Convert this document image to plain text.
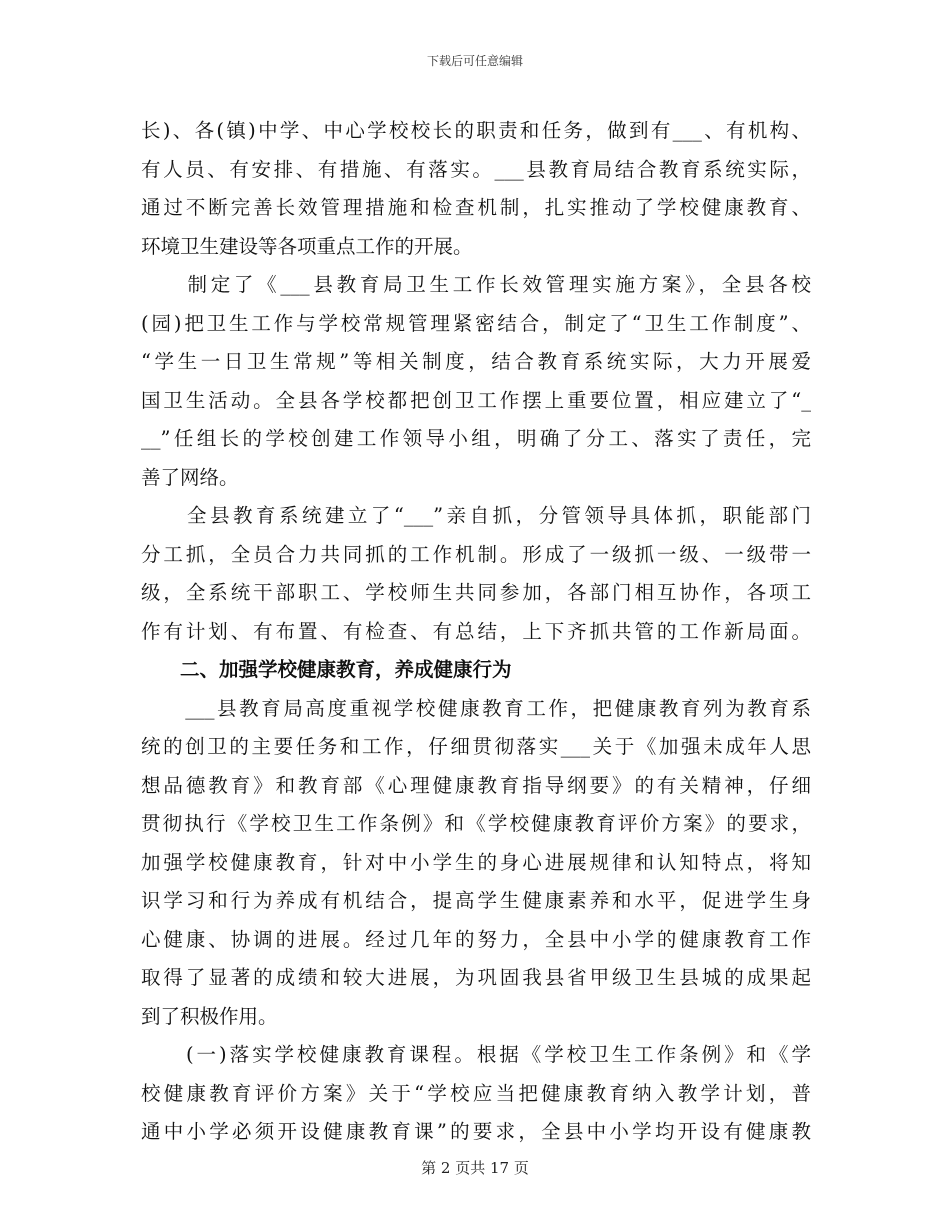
下载后可任意编辑
长)、各(镇)中学、中心学校校长的职责和任务，做到有___、有机构、
有人员、有安排、有措施、有落实。___县教育局结合教育系统实际，
通过不断完善长效管理措施和检查机制，扎实推动了学校健康教育、
环境卫生建设等各项重点工作的开展。
　　制定了《___县教育局卫生工作长效管理实施方案》，全县各校
(园)把卫生工作与学校常规管理紧密结合，制定了“卫生工作制度”、
“学生一日卫生常规”等相关制度，结合教育系统实际，大力开展爱
国卫生活动。全县各学校都把创卫工作摆上重要位置，相应建立了“_
__”任组长的学校创建工作领导小组，明确了分工、落实了责任，完
善了网络。
　　全县教育系统建立了“___”亲自抓，分管领导具体抓，职能部门
分工抓，全员合力共同抓的工作机制。形成了一级抓一级、一级带一
级，全系统干部职工、学校师生共同参加，各部门相互协作，各项工
作有计划、有布置、有检查、有总结，上下齐抓共管的工作新局面。
　　二、加强学校健康教育，养成健康行为
　　___县教育局高度重视学校健康教育工作，把健康教育列为教育系
统的创卫的主要任务和工作，仔细贯彻落实___关于《加强未成年人思
想品德教育》和教育部《心理健康教育指导纲要》的有关精神，仔细
贯彻执行《学校卫生工作条例》和《学校健康教育评价方案》的要求，
加强学校健康教育，针对中小学生的身心进展规律和认知特点，将知
识学习和行为养成有机结合，提高学生健康素养和水平，促进学生身
心健康、协调的进展。经过几年的努力，全县中小学的健康教育工作
取得了显著的成绩和较大进展，为巩固我县省甲级卫生县城的成果起
到了积极作用。
　　(一)落实学校健康教育课程。根据《学校卫生工作条例》和《学
校健康教育评价方案》关于“学校应当把健康教育纳入教学计划，普
通中小学必须开设健康教育课”的要求，全县中小学均开设有健康教
第 2 页共 17 页
